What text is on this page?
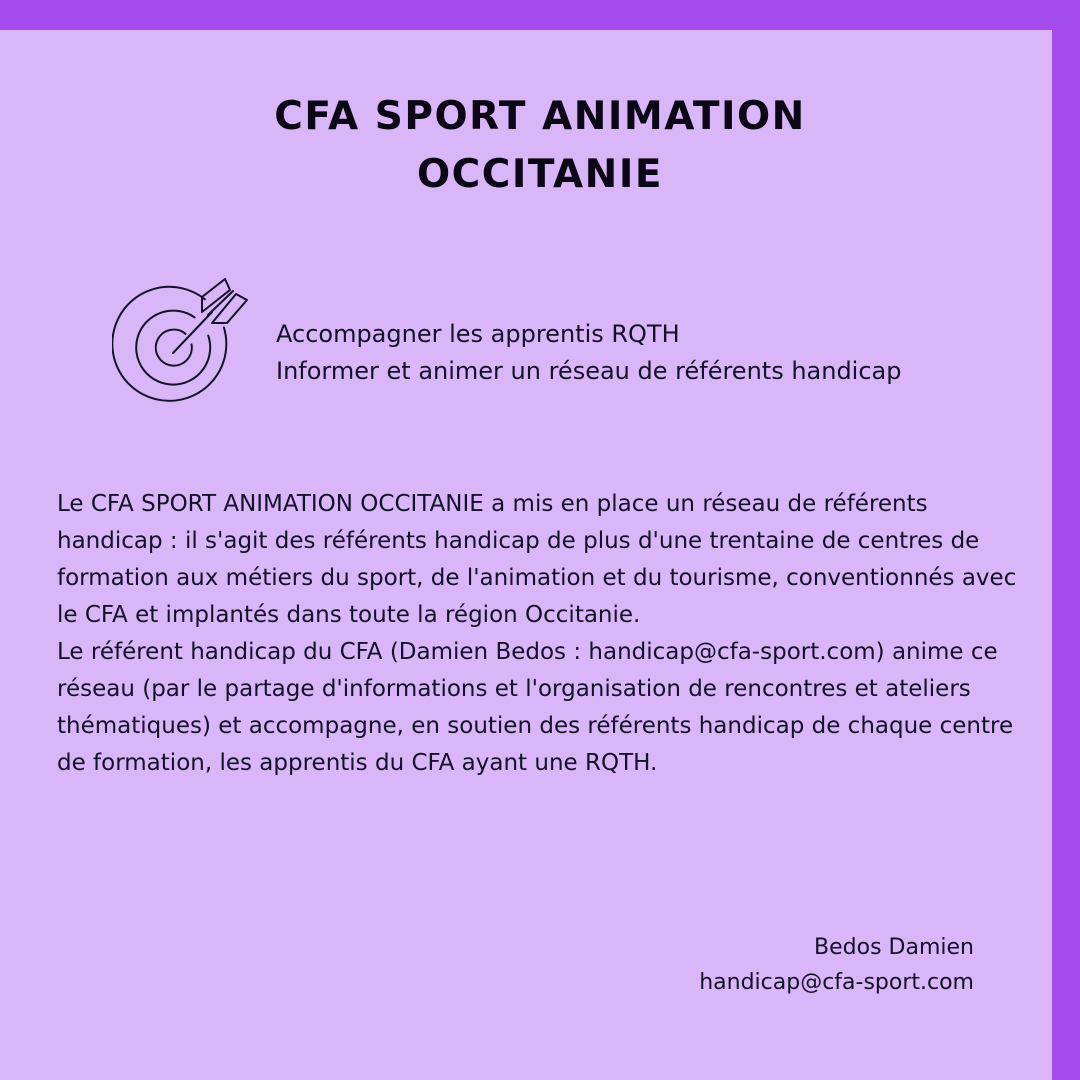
CFA SPORT ANIMATION
OCCITANIE
Accompagner les apprentis RQTH
Informer et animer un réseau de référents handicap

Le CFA SPORT ANIMATION OCCITANIE a mis en place un réseau de référents handicap : il s'agit des référents handicap de plus d'une trentaine de centres de formation aux métiers du sport, de l'animation et du tourisme, conventionnés avec le CFA et implantés dans toute la région Occitanie.

Le référent handicap du CFA (Damien Bedos : handicap@cfa-sport.com) anime ce réseau (par le partage d'informations et l'organisation de rencontres et ateliers thématiques) et accompagne, en soutien des référents handicap de chaque centre de formation, les apprentis du CFA ayant une RQTH.

Bedos Damien
handicap@cfa-sport.com
